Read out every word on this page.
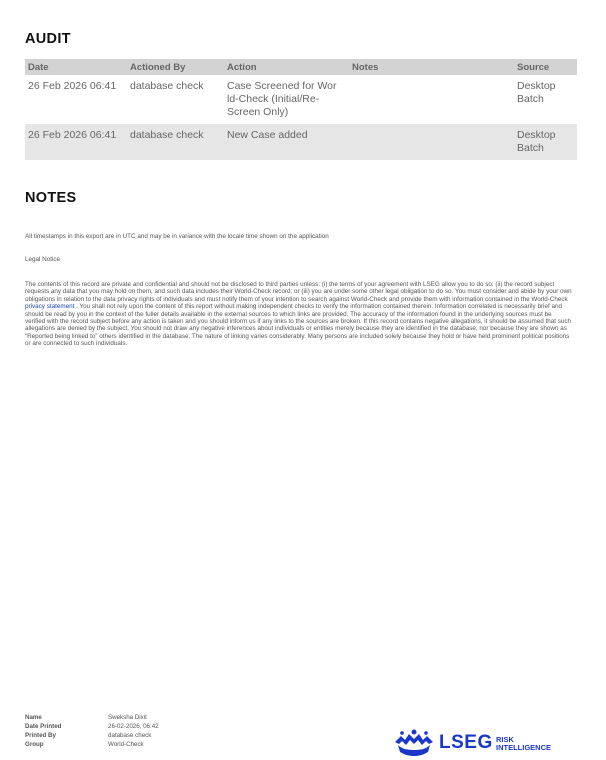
AUDIT
Date	Actioned By	Action	Notes	Source
26 Feb 2026 06:41	database check	Case Screened for Wor ld-Check (Initial/Re-Screen Only)		Desktop Batch
26 Feb 2026 06:41	database check	New Case added		Desktop Batch
NOTES
All timestamps in this export are in UTC and may be in variance with the locale time shown on the application
Legal Notice
The contents of this record are private and confidential and should not be disclosed to third parties unless: (i) the terms of your agreement with LSEG allow you to do so; (ii) the record subject requests any data that you may hold on them, and such data includes their World-Check record; or (iii) you are under some other legal obligation to do so. You must consider and abide by your own obligations in relation to the data privacy rights of individuals and must notify them of your intention to search against World-Check and provide them with information contained in the World-Check privacy statement . You shall not rely upon the content of this report without making independent checks to verify the information contained therein. Information correlated is necessarily brief and should be read by you in the context of the fuller details available in the external sources to which links are provided. The accuracy of the information found in the underlying sources must be verified with the record subject before any action is taken and you should inform us if any links to the sources are broken. If this record contains negative allegations, it should be assumed that such allegations are denied by the subject. You should not draw any negative inferences about individuals or entities merely because they are identified in the database, nor because they are shown as “Reported being linked to” others identified in the database. The nature of linking varies considerably. Many persons are included solely because they hold or have held prominent political positions or are connected to such individuals.
Name	Sweksha Dixit
Date Printed	26-02-2026, 06:42
Printed By	database check
Group	World-Check	LSEG RISK
INTELLIGENCE
